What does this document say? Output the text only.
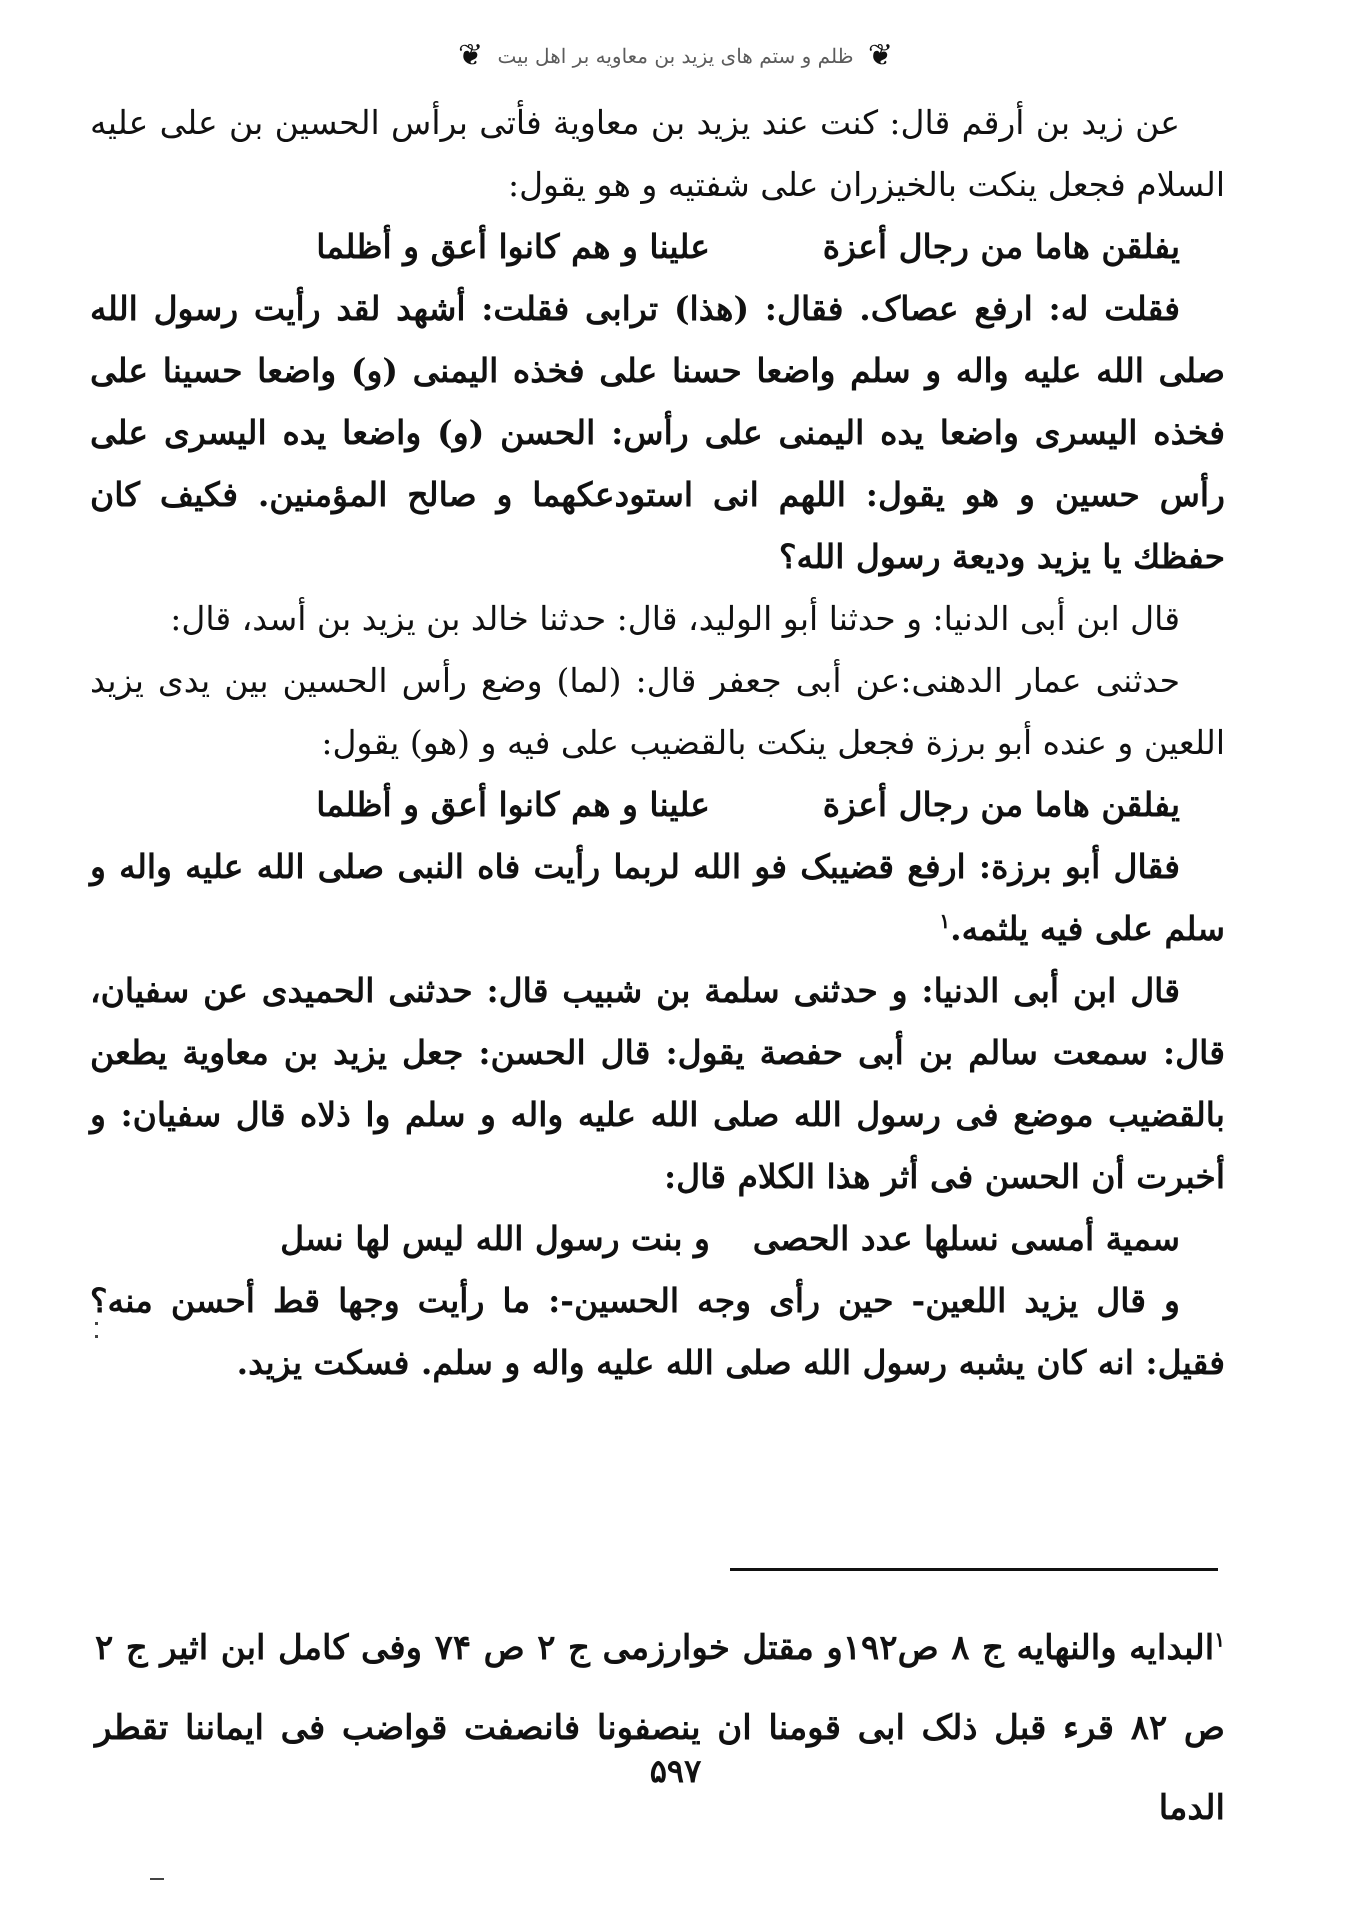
❦ ظلم و ستم هاى يزيد بن معاويه بر اهل بيت ❦

عن زيد بن أرقم قال: كنت عند يزيد بن معاوية فأتى برأس الحسين بن على عليه السلام فجعل ينكت بالخيزران على شفتيه و هو يقول:

يفلقن هاما من رجال أعزة
علينا و هم كانوا أعق و أظلما

فقلت له: ارفع عصاک. فقال: (هذا) ترابى فقلت: أشهد لقد رأيت رسول الله صلى الله عليه واله و سلم واضعا حسنا على فخذه اليمنى (و) واضعا حسينا على فخذه اليسرى واضعا يده اليمنى على رأس: الحسن (و) واضعا يده اليسرى على رأس حسين و هو يقول: اللهم انى استودعكهما و صالح المؤمنين. فكيف كان حفظك يا يزيد وديعة رسول الله؟

قال ابن أبى الدنيا: و حدثنا أبو الوليد، قال: حدثنا خالد بن يزيد بن أسد، قال:

حدثنى عمار الدهنى:عن أبى جعفر قال: (لما) وضع رأس الحسين بين يدى يزيد اللعين و عنده أبو برزة فجعل ينكت بالقضيب على فيه و (هو) يقول:

يفلقن هاما من رجال أعزة
علينا و هم كانوا أعق و أظلما

فقال أبو برزة: ارفع قضيبک فو الله لربما رأيت فاه النبى صلى الله عليه واله و سلم على فيه يلثمه.$^١$

قال ابن أبى الدنيا: و حدثنى سلمة بن شبيب قال: حدثنى الحميدى عن سفيان، قال: سمعت سالم بن أبى حفصة يقول: قال الحسن: جعل يزيد بن معاوية يطعن بالقضيب موضع فى رسول الله صلى الله عليه واله و سلم وا ذلاه قال سفيان: و أخبرت أن الحسن فى أثر هذا الكلام قال:

سمية أمسى نسلها عدد الحصى
و بنت رسول الله ليس لها نسل

و قال يزيد اللعين- حين رأى وجه الحسين-: ما رأيت وجها قط أحسن منه؟ فقيل: انه كان يشبه رسول الله صلى الله عليه واله و سلم. فسكت يزيد.

$^١$البدايه والنهايه ج ٨ ص١٩٢و مقتل خوارزمى ج ٢ ص ٧۴ وفى كامل ابن اثير ج ٢ ص ٨٢ قرء قبل ذلک ابى قومنا ان ينصفونا فانصفت قواضب فى ايماننا تقطر الدما
۵٩٧
